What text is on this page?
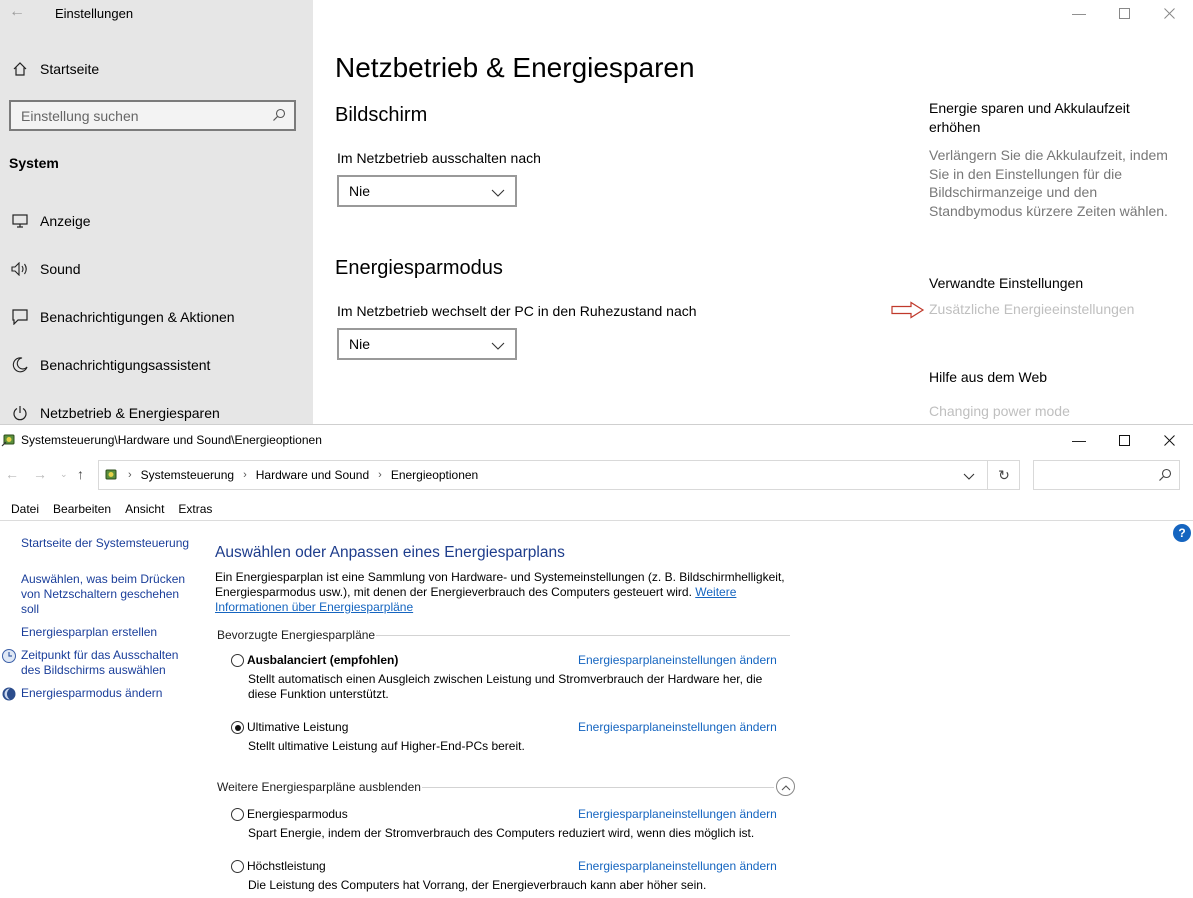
← Einstellungen
Startseite
Einstellung suchen
System
Anzeige
Sound
Benachrichtigungen & Aktionen
Benachrichtigungsassistent
Netzbetrieb & Energiesparen
—
Netzbetrieb & Energiesparen
Bildschirm
Im Netzbetrieb ausschalten nach
Nie
Energiesparmodus
Im Netzbetrieb wechselt der PC in den Ruhezustand nach
Nie
Energie sparen und Akkulaufzeit erhöhen
Verlängern Sie die Akkulaufzeit, indem Sie in den Einstellungen für die Bildschirmanzeige und den Standbymodus kürzere Zeiten wählen.
Verwandte Einstellungen
Zusätzliche Energieeinstellungen
Hilfe aus dem Web
Changing power mode
Systemsteuerung\Hardware und Sound\Energieoptionen	—
← → ⌄ ↑	› Systemsteuerung › Hardware und Sound › Energieoptionen	↻
Datei Bearbeiten Ansicht Extras
?
Startseite der Systemsteuerung
Auswählen, was beim Drücken von Netzschaltern geschehen soll
Energiesparplan erstellen
Zeitpunkt für das Ausschalten des Bildschirms auswählen
Energiesparmodus ändern
Auswählen oder Anpassen eines Energiesparplans
Ein Energiesparplan ist eine Sammlung von Hardware- und Systemeinstellungen (z. B. Bildschirmhelligkeit, Energiesparmodus usw.), mit denen der Energieverbrauch des Computers gesteuert wird. Weitere Informationen über Energiesparpläne
Bevorzugte Energiesparpläne
Ausbalanciert (empfohlen)	Energiesparplaneinstellungen ändern
Stellt automatisch einen Ausgleich zwischen Leistung und Stromverbrauch der Hardware her, die diese Funktion unterstützt.
Ultimative Leistung	Energiesparplaneinstellungen ändern
Stellt ultimative Leistung auf Higher-End-PCs bereit.
Weitere Energiesparpläne ausblenden
Energiesparmodus	Energiesparplaneinstellungen ändern
Spart Energie, indem der Stromverbrauch des Computers reduziert wird, wenn dies möglich ist.
Höchstleistung	Energiesparplaneinstellungen ändern
Die Leistung des Computers hat Vorrang, der Energieverbrauch kann aber höher sein.
